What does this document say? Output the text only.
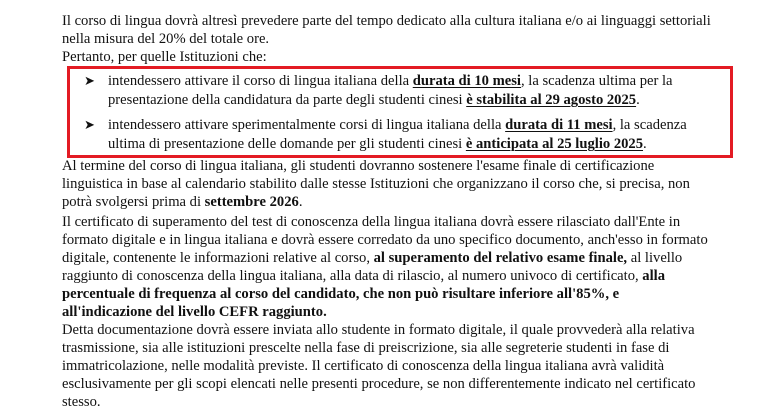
Il corso di lingua dovrà altresì prevedere parte del tempo dedicato alla cultura italiana e/o ai linguaggi settoriali
nella misura del 20% del totale ore.
Pertanto, per quelle Istituzioni che:
➤ intendessero attivare il corso di lingua italiana della durata di 10 mesi, la scadenza ultima per la
presentazione della candidatura da parte degli studenti cinesi è stabilita al 29 agosto 2025.
➤ intendessero attivare sperimentalmente corsi di lingua italiana della durata di 11 mesi, la scadenza
ultima di presentazione delle domande per gli studenti cinesi è anticipata al 25 luglio 2025.
Al termine del corso di lingua italiana, gli studenti dovranno sostenere l'esame finale di certificazione
linguistica in base al calendario stabilito dalle stesse Istituzioni che organizzano il corso che, si precisa, non
potrà svolgersi prima di settembre 2026.
Il certificato di superamento del test di conoscenza della lingua italiana dovrà essere rilasciato dall'Ente in
formato digitale e in lingua italiana e dovrà essere corredato da uno specifico documento, anch'esso in formato
digitale, contenente le informazioni relative al corso, al superamento del relativo esame finale, al livello
raggiunto di conoscenza della lingua italiana, alla data di rilascio, al numero univoco di certificato, alla
percentuale di frequenza al corso del candidato, che non può risultare inferiore all'85%, e
all'indicazione del livello CEFR raggiunto.
Detta documentazione dovrà essere inviata allo studente in formato digitale, il quale provvederà alla relativa
trasmissione, sia alle istituzioni prescelte nella fase di preiscrizione, sia alle segreterie studenti in fase di
immatricolazione, nelle modalità previste. Il certificato di conoscenza della lingua italiana avrà validità
esclusivamente per gli scopi elencati nelle presenti procedure, se non differentemente indicato nel certificato
stesso.
